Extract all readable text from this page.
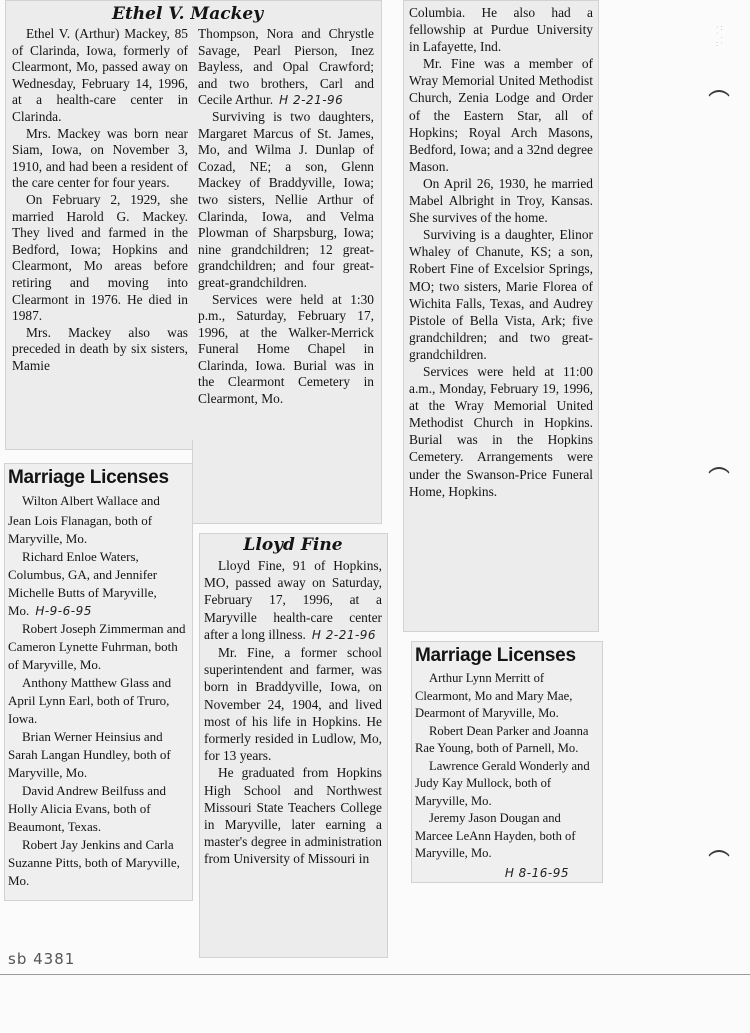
· :
˙ .
: ·
Ethel V. Mackey

Ethel V. (Arthur) Mackey, 85 of Clarinda, Iowa, formerly of Clearmont, Mo, passed away on Wednesday, February 14, 1996, at a health-care center in Clarinda.

Mrs. Mackey was born near Siam, Iowa, on November 3, 1910, and had been a resident of the care center for four years.

On February 2, 1929, she married Harold G. Mackey. They lived and farmed in the Bedford, Iowa; Hopkins and Clearmont, Mo areas before retiring and moving into Clearmont in 1976. He died in 1987.

Mrs. Mackey also was preceded in death by six sisters, Mamie

Thompson, Nora and Chrystle Savage, Pearl Pierson, Inez Bayless, and Opal Crawford; and two brothers, Carl and Cecile Arthur. H 2-21-96

Surviving is two daughters, Margaret Marcus of St. James, Mo, and Wilma J. Dunlap of Cozad, NE; a son, Glenn Mackey of Braddyville, Iowa; two sisters, Nellie Arthur of Clarinda, Iowa, and Velma Plowman of Sharpsburg, Iowa; nine grandchildren; 12 great-grandchildren; and four great-great-grandchildren.

Services were held at 1:30 p.m., Saturday, February 17, 1996, at the Walker-Merrick Funeral Home Chapel in Clarinda, Iowa. Burial was in the Clearmont Cemetery in Clearmont, Mo.

Marriage Licenses

Wilton Albert Wallace and

Jean Lois Flanagan, both of Maryville, Mo.

Richard Enloe Waters, Columbus, GA, and Jennifer Michelle Butts of Maryville, Mo. H-9-6-95

Robert Joseph Zimmerman and Cameron Lynette Fuhrman, both of Maryville, Mo.

Anthony Matthew Glass and April Lynn Earl, both of Truro, Iowa.

Brian Werner Heinsius and Sarah Langan Hundley, both of Maryville, Mo.

David Andrew Beilfuss and Holly Alicia Evans, both of Beaumont, Texas.

Robert Jay Jenkins and Carla Suzanne Pitts, both of Maryville, Mo.

Lloyd Fine

Lloyd Fine, 91 of Hopkins, MO, passed away on Saturday, February 17, 1996, at a Maryville health-care center after a long illness. H 2-21-96

Mr. Fine, a former school superintendent and farmer, was born in Braddyville, Iowa, on November 24, 1904, and lived most of his life in Hopkins. He formerly resided in Ludlow, Mo, for 13 years.

He graduated from Hopkins High School and Northwest Missouri State Teachers College in Maryville, later earning a master's degree in administration from University of Missouri in

Columbia. He also had a fellowship at Purdue University in Lafayette, Ind.

Mr. Fine was a member of Wray Memorial United Methodist Church, Zenia Lodge and Order of the Eastern Star, all of Hopkins; Royal Arch Masons, Bedford, Iowa; and a 32nd degree Mason.

On April 26, 1930, he married Mabel Albright in Troy, Kansas. She survives of the home.

Surviving is a daughter, Elinor Whaley of Chanute, KS; a son, Robert Fine of Excelsior Springs, MO; two sisters, Marie Florea of Wichita Falls, Texas, and Audrey Pistole of Bella Vista, Ark; five grandchildren; and two great-grandchildren.

Services were held at 11:00 a.m., Monday, February 19, 1996, at the Wray Memorial United Methodist Church in Hopkins. Burial was in the Hopkins Cemetery. Arrangements were under the Swanson-Price Funeral Home, Hopkins.

Marriage Licenses

Arthur Lynn Merritt of Clearmont, Mo and Mary Mae, Dearmont of Maryville, Mo.

Robert Dean Parker and Joanna Rae Young, both of Parnell, Mo.

Lawrence Gerald Wonderly and Judy Kay Mullock, both of Maryville, Mo.

Jeremy Jason Dougan and Marcee LeAnn Hayden, both of Maryville, Mo.

H 8-16-95

sb 4381
